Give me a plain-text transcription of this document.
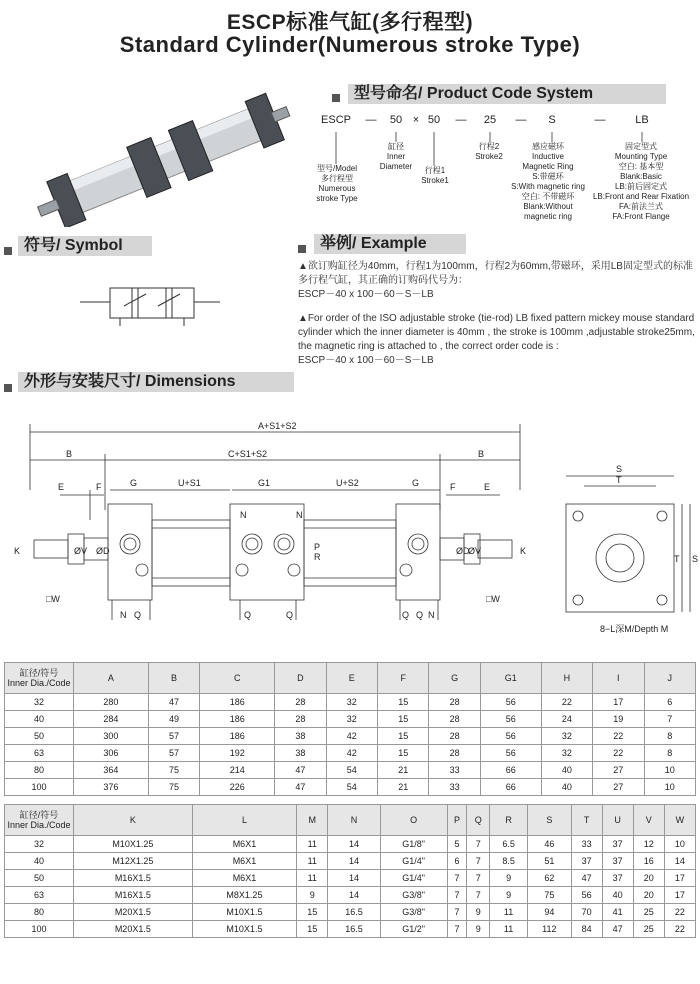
ESCP标准气缸(多行程型)
Standard Cylinder(Numerous stroke Type)
型号命名/ Product Code System
ESCP	—	50 × 50	—	25	—	S	—	LB
型号/Model
多行程型
Numerous
stroke Type
缸径
Inner
Diameter	行程1
Stroke1
行程2
Stroke2
感应磁环
Inductive
Magnetic Ring
S:带磁环
S:With magnetic ring
空白: 不带磁环
Blank:Without
magnetic ring
固定型式
Mounting Type
空白: 基本型
Blank:Basic
LB:前后固定式
LB:Front and Rear Fixation
FA:前法兰式
FA:Front Flange
符号/ Symbol	举例/ Example
▲欲订购缸径为40mm，行程1为100mm，行程2为60mm,带磁环，采用LB固定型式的标准多行程气缸，其正确的订购码代号为：
ESCP－40 x 100－60－S－LB
▲For order of the ISO adjustable stroke (tie-rod) LB fixed pattern mickey mouse standard cylinder which the inner diameter is 40mm , the stroke is 100mm ,adjustable stroke25mm, the magnetic ring is attached to , the correct order code is :
ESCP－40 x 100－60－S－LB
外形与安装尺寸/ Dimensions
A+S1+S2
C+S1+S2
B	B
E	F	G	U+S1	G1	U+S2	G	F	E
N	N
K	ØV ØD	ØD
ØV	K
R
P
□W	□W
N Q	Q	Q	Q Q N
S
T
T S
8−L深M/Depth M
缸径/符号
Inner Dia./Code	A	B	C	D	E	F	G	G1	H	I	J
32	280	47	186	28	32	15	28	56	22	17	6
40	284	49	186	28	32	15	28	56	24	19	7
50	300	57	186	38	42	15	28	56	32	22	8
63	306	57	192	38	42	15	28	56	32	22	8
80	364	75	214	47	54	21	33	66	40	27	10
100	376	75	226	47	54	21	33	66	40	27	10
缸径/符号
Inner Dia./Code	K	L	M	N	O	P	Q	R	S	T	U	V	W
32	M10X1.25	M6X1	11	14	G1/8"	5	7	6.5	46	33	37	12	10
40	M12X1.25	M6X1	11	14	G1/4"	6	7	8.5	51	37	37	16	14
50	M16X1.5	M6X1	11	14	G1/4"	7	7	9	62	47	37	20	17
63	M16X1.5	M8X1.25	9	14	G3/8"	7	7	9	75	56	40	20	17
80	M20X1.5	M10X1.5	15	16.5	G3/8"	7	9	11	94	70	41	25	22
100	M20X1.5	M10X1.5	15	16.5	G1/2"	7	9	11	112	84	47	25	22
